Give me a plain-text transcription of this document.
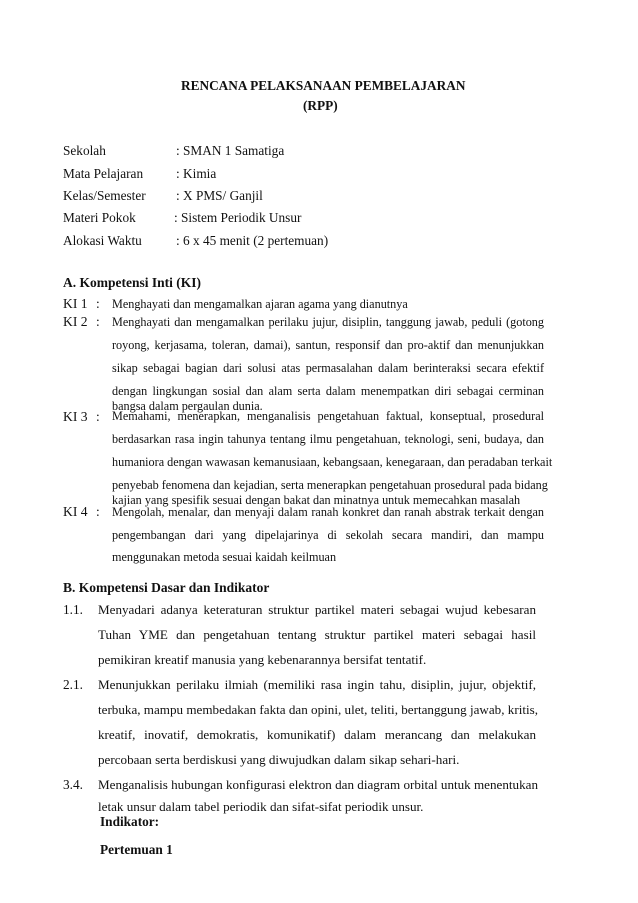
RENCANA PELAKSANAAN PEMBELAJARAN
(RPP)
Sekolah	: SMAN 1 Samatiga
Mata Pelajaran : Kimia
Kelas/Semester : X PMS/ Ganjil
Materi Pokok	: Sistem Periodik Unsur
Alokasi Waktu	: 6 x 45 menit (2 pertemuan)
A. Kompetensi Inti (KI)
KI 1 : Menghayati dan mengamalkan ajaran agama yang dianutnya
KI 2 : Menghayati dan mengamalkan perilaku jujur, disiplin, tanggung jawab, peduli (gotong
royong, kerjasama, toleran, damai), santun, responsif dan pro-aktif dan menunjukkan
sikap sebagai bagian dari solusi atas permasalahan dalam berinteraksi secara efektif
dengan lingkungan sosial dan alam serta dalam menempatkan diri sebagai cerminan
bangsa dalam pergaulan dunia.
KI 3 : Memahami, menerapkan, menganalisis pengetahuan faktual, konseptual, prosedural
berdasarkan rasa ingin tahunya tentang ilmu pengetahuan, teknologi, seni, budaya, dan
humaniora dengan wawasan kemanusiaan, kebangsaan, kenegaraan, dan peradaban terkait
penyebab fenomena dan kejadian, serta menerapkan pengetahuan prosedural pada bidang
kajian yang spesifik sesuai dengan bakat dan minatnya untuk memecahkan masalah
KI 4 : Mengolah, menalar, dan menyaji dalam ranah konkret dan ranah abstrak terkait dengan
pengembangan dari yang dipelajarinya di sekolah secara mandiri, dan mampu
menggunakan metoda sesuai kaidah keilmuan
B. Kompetensi Dasar dan Indikator
1.1. Menyadari adanya keteraturan struktur partikel materi sebagai wujud kebesaran
Tuhan YME dan pengetahuan tentang struktur partikel materi sebagai hasil
pemikiran kreatif manusia yang kebenarannya bersifat tentatif.
2.1. Menunjukkan perilaku ilmiah (memiliki rasa ingin tahu, disiplin, jujur, objektif,
terbuka, mampu membedakan fakta dan opini, ulet, teliti, bertanggung jawab, kritis,
kreatif, inovatif, demokratis, komunikatif) dalam merancang dan melakukan
percobaan serta berdiskusi yang diwujudkan dalam sikap sehari-hari.
3.4. Menganalisis hubungan konfigurasi elektron dan diagram orbital untuk menentukan
letak unsur dalam tabel periodik dan sifat-sifat periodik unsur.
Indikator:
Pertemuan 1
